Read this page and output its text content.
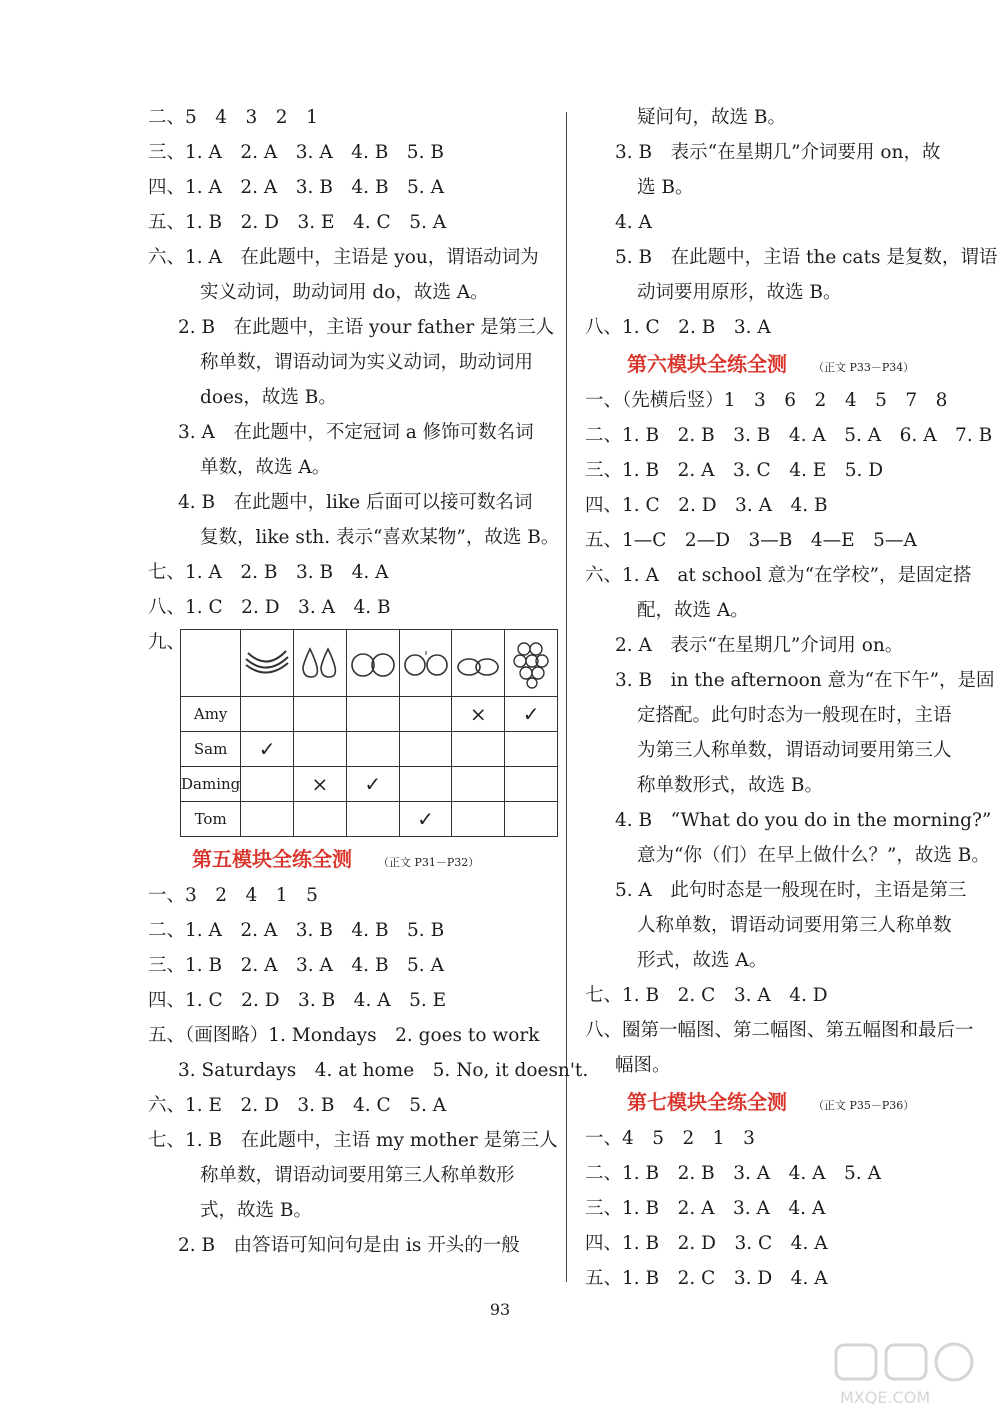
二、5　4　3　2　1
三、1. A　2. A　3. A　4. B　5. B
四、1. A　2. A　3. B　4. B　5. A
五、1. B　2. D　3. E　4. C　5. A
六、1. A　在此题中，主语是 you，谓语动词为
实义动词，助动词用 do，故选 A。
2. B　在此题中，主语 your father 是第三人
称单数，谓语动词为实义动词，助动词用
does，故选 B。
3. A　在此题中，不定冠词 a 修饰可数名词
单数，故选 A。
4. B　在此题中，like 后面可以接可数名词
复数，like sth. 表示“喜欢某物”，故选 B。
七、1. A　2. B　3. B　4. A
八、1. C　2. D　3. A　4. B
九、

Amy					×	✓
Sam	✓					
Daming		×	✓			
Tom				✓		
第五模块全练全测 （正文 P31－P32）
一、3　2　4　1　5
二、1. A　2. A　3. B　4. B　5. B
三、1. B　2. A　3. A　4. B　5. A
四、1. C　2. D　3. B　4. A　5. E
五、（画图略）1. Mondays　2. goes to work
3. Saturdays　4. at home　5. No, it doesn't.
六、1. E　2. D　3. B　4. C　5. A
七、1. B　在此题中，主语 my mother 是第三人
称单数，谓语动词要用第三人称单数形
式，故选 B。
2. B　由答语可知问句是由 is 开头的一般
疑问句，故选 B。
3. B　表示“在星期几”介词要用 on，故
选 B。
4. A
5. B　在此题中，主语 the cats 是复数，谓语
动词要用原形，故选 B。
八、1. C　2. B　3. A
第六模块全练全测 （正文 P33－P34）
一、（先横后竖）1　3　6　2　4　5　7　8
二、1. B　2. B　3. B　4. A　5. A　6. A　7. B
三、1. B　2. A　3. C　4. E　5. D
四、1. C　2. D　3. A　4. B
五、1—C　2—D　3—B　4—E　5—A
六、1. A　at school 意为“在学校”，是固定搭
配，故选 A。
2. A　表示“在星期几”介词用 on。
3. B　in the afternoon 意为“在下午”，是固
定搭配。此句时态为一般现在时，主语
为第三人称单数，谓语动词要用第三人
称单数形式，故选 B。
4. B　“What do you do in the morning?”
意为“你（们）在早上做什么？”，故选 B。
5. A　此句时态是一般现在时，主语是第三
人称单数，谓语动词要用第三人称单数
形式，故选 A。
七、1. B　2. C　3. A　4. D
八、圈第一幅图、第二幅图、第五幅图和最后一
幅图。
第七模块全练全测 （正文 P35－P36）
一、4　5　2　1　3
二、1. B　2. B　3. A　4. A　5. A
三、1. B　2. A　3. A　4. A
四、1. B　2. D　3. C　4. A
五、1. B　2. C　3. D　4. A
93
MXQE.COM
